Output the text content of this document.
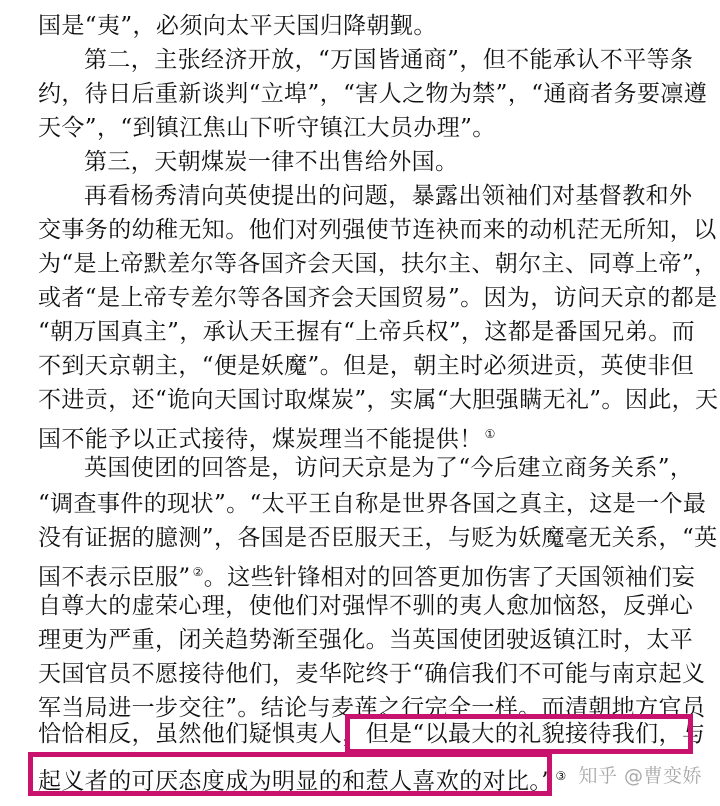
国是“夷”，必须向太平天国归降朝觐。
第二，主张经济开放，“万国皆通商”，但不能承认不平等条
约，待日后重新谈判“立埠”，“害人之物为禁”，“通商者务要凛遵
天令”，“到镇江焦山下听守镇江大员办理”。
第三，天朝煤炭一律不出售给外国。
再看杨秀清向英使提出的问题，暴露出领袖们对基督教和外
交事务的幼稚无知。他们对列强使节连袂而来的动机茫无所知，以
为“是上帝默差尔等各国齐会天国，扶尔主、朝尔主、同尊上帝”，
或者“是上帝专差尔等各国齐会天国贸易”。因为，访问天京的都是
“朝万国真主”，承认天王握有“上帝兵权”，这都是番国兄弟。而
不到天京朝主，“便是妖魔”。但是，朝主时必须进贡，英使非但
不进贡，还“诡向天国讨取煤炭”，实属“大胆强瞒无礼”。因此，天
国不能予以正式接待，煤炭理当不能提供！ ①
英国使团的回答是，访问天京是为了“今后建立商务关系”，
“调查事件的现状”。“太平王自称是世界各国之真主，这是一个最
没有证据的臆测”，各国是否臣服天王，与贬为妖魔毫无关系，“英
国不表示臣服” ②。这些针锋相对的回答更加伤害了天国领袖们妄
自尊大的虚荣心理，使他们对强悍不驯的夷人愈加恼怒，反弹心
理更为严重，闭关趋势渐至强化。当英国使团驶返镇江时，太平
天国官员不愿接待他们，麦华陀终于“确信我们不可能与南京起义
军当局进一步交往”。结论与麦莲之行完全一样。而清朝地方官员
恰恰相反，虽然他们疑惧夷人，但是“以最大的礼貌接待我们，与
起义者的可厌态度成为明显的和惹人喜欢的对比。” ③ 知乎 @曹变娇
